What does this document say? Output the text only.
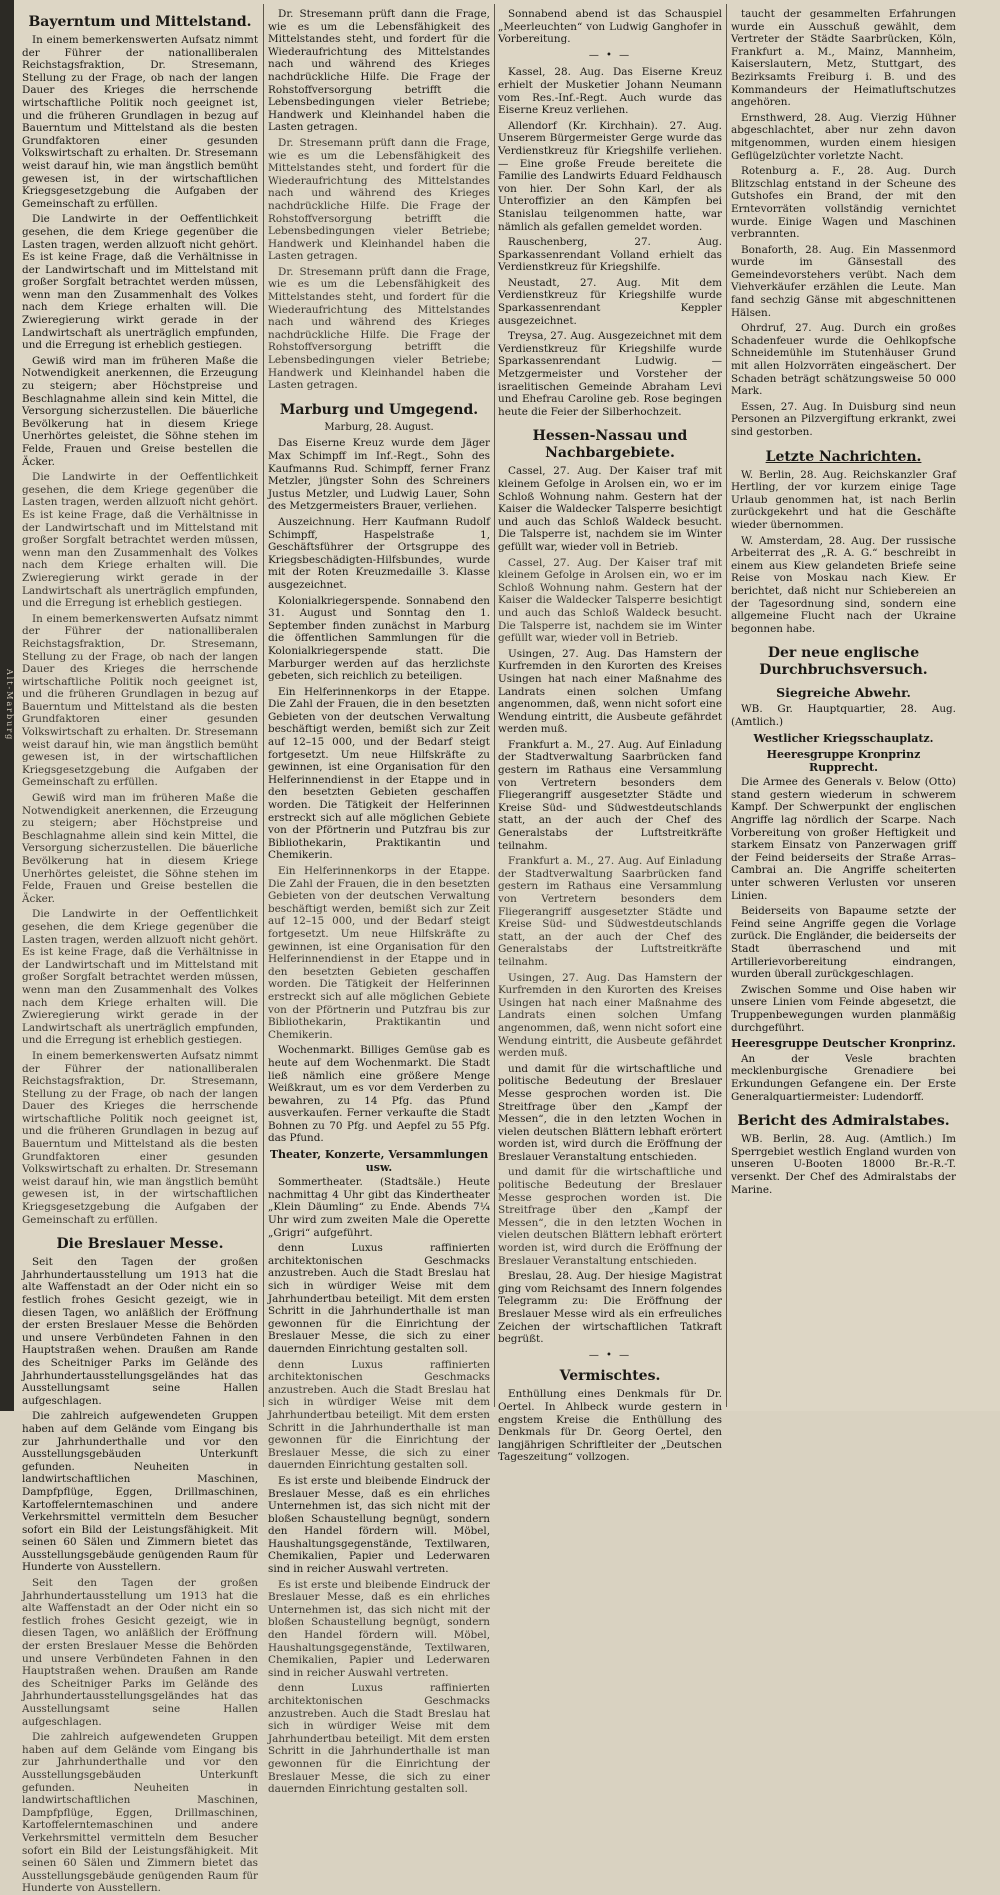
Alt-Marburg
Bayerntum und Mittelstand.

In einem bemerkenswerten Aufsatz nimmt der Führer der nationalliberalen Reichstagsfraktion, Dr. Stresemann, Stellung zu der Frage, ob nach der langen Dauer des Krieges die herrschende wirtschaftliche Politik noch geeignet ist, und die früheren Grundlagen in bezug auf Bauerntum und Mittelstand als die besten Grundfaktoren einer gesunden Volkswirtschaft zu erhalten. Dr. Stresemann weist darauf hin, wie man ängstlich bemüht gewesen ist, in der wirtschaftlichen Kriegsgesetzgebung die Aufgaben der Gemeinschaft zu erfüllen.

Die Landwirte in der Oeffentlichkeit gesehen, die dem Kriege gegenüber die Lasten tragen, werden allzuoft nicht gehört. Es ist keine Frage, daß die Verhältnisse in der Landwirtschaft und im Mittelstand mit großer Sorgfalt betrachtet werden müssen, wenn man den Zusammenhalt des Volkes nach dem Kriege erhalten will. Die Zwieregierung wirkt gerade in der Landwirtschaft als unerträglich empfunden, und die Erregung ist erheblich gestiegen.

Gewiß wird man im früheren Maße die Notwendigkeit anerkennen, die Erzeugung zu steigern; aber Höchstpreise und Beschlagnahme allein sind kein Mittel, die Versorgung sicherzustellen. Die bäuerliche Bevölkerung hat in diesem Kriege Unerhörtes geleistet, die Söhne stehen im Felde, Frauen und Greise bestellen die Äcker.

Die Landwirte in der Oeffentlichkeit gesehen, die dem Kriege gegenüber die Lasten tragen, werden allzuoft nicht gehört. Es ist keine Frage, daß die Verhältnisse in der Landwirtschaft und im Mittelstand mit großer Sorgfalt betrachtet werden müssen, wenn man den Zusammenhalt des Volkes nach dem Kriege erhalten will. Die Zwieregierung wirkt gerade in der Landwirtschaft als unerträglich empfunden, und die Erregung ist erheblich gestiegen.

In einem bemerkenswerten Aufsatz nimmt der Führer der nationalliberalen Reichstagsfraktion, Dr. Stresemann, Stellung zu der Frage, ob nach der langen Dauer des Krieges die herrschende wirtschaftliche Politik noch geeignet ist, und die früheren Grundlagen in bezug auf Bauerntum und Mittelstand als die besten Grundfaktoren einer gesunden Volkswirtschaft zu erhalten. Dr. Stresemann weist darauf hin, wie man ängstlich bemüht gewesen ist, in der wirtschaftlichen Kriegsgesetzgebung die Aufgaben der Gemeinschaft zu erfüllen.

Gewiß wird man im früheren Maße die Notwendigkeit anerkennen, die Erzeugung zu steigern; aber Höchstpreise und Beschlagnahme allein sind kein Mittel, die Versorgung sicherzustellen. Die bäuerliche Bevölkerung hat in diesem Kriege Unerhörtes geleistet, die Söhne stehen im Felde, Frauen und Greise bestellen die Äcker.

Die Landwirte in der Oeffentlichkeit gesehen, die dem Kriege gegenüber die Lasten tragen, werden allzuoft nicht gehört. Es ist keine Frage, daß die Verhältnisse in der Landwirtschaft und im Mittelstand mit großer Sorgfalt betrachtet werden müssen, wenn man den Zusammenhalt des Volkes nach dem Kriege erhalten will. Die Zwieregierung wirkt gerade in der Landwirtschaft als unerträglich empfunden, und die Erregung ist erheblich gestiegen.

In einem bemerkenswerten Aufsatz nimmt der Führer der nationalliberalen Reichstagsfraktion, Dr. Stresemann, Stellung zu der Frage, ob nach der langen Dauer des Krieges die herrschende wirtschaftliche Politik noch geeignet ist, und die früheren Grundlagen in bezug auf Bauerntum und Mittelstand als die besten Grundfaktoren einer gesunden Volkswirtschaft zu erhalten. Dr. Stresemann weist darauf hin, wie man ängstlich bemüht gewesen ist, in der wirtschaftlichen Kriegsgesetzgebung die Aufgaben der Gemeinschaft zu erfüllen.

Die Breslauer Messe.

Seit den Tagen der großen Jahrhundertausstellung um 1913 hat die alte Waffenstadt an der Oder nicht ein so festlich frohes Gesicht gezeigt, wie in diesen Tagen, wo anläßlich der Eröffnung der ersten Breslauer Messe die Behörden und unsere Verbündeten Fahnen in den Hauptstraßen wehen. Draußen am Rande des Scheitniger Parks im Gelände des Jahrhundertausstellungsgeländes hat das Ausstellungsamt seine Hallen aufgeschlagen.

Die zahlreich aufgewendeten Gruppen haben auf dem Gelände vom Eingang bis zur Jahrhunderthalle und vor den Ausstellungsgebäuden Unterkunft gefunden. Neuheiten in landwirtschaftlichen Maschinen, Dampfpflüge, Eggen, Drillmaschinen, Kartoffelerntemaschinen und andere Verkehrsmittel vermitteln dem Besucher sofort ein Bild der Leistungsfähigkeit. Mit seinen 60 Sälen und Zimmern bietet das Ausstellungsgebäude genügenden Raum für Hunderte von Ausstellern.

Seit den Tagen der großen Jahrhundertausstellung um 1913 hat die alte Waffenstadt an der Oder nicht ein so festlich frohes Gesicht gezeigt, wie in diesen Tagen, wo anläßlich der Eröffnung der ersten Breslauer Messe die Behörden und unsere Verbündeten Fahnen in den Hauptstraßen wehen. Draußen am Rande des Scheitniger Parks im Gelände des Jahrhundertausstellungsgeländes hat das Ausstellungsamt seine Hallen aufgeschlagen.

Die zahlreich aufgewendeten Gruppen haben auf dem Gelände vom Eingang bis zur Jahrhunderthalle und vor den Ausstellungsgebäuden Unterkunft gefunden. Neuheiten in landwirtschaftlichen Maschinen, Dampfpflüge, Eggen, Drillmaschinen, Kartoffelerntemaschinen und andere Verkehrsmittel vermitteln dem Besucher sofort ein Bild der Leistungsfähigkeit. Mit seinen 60 Sälen und Zimmern bietet das Ausstellungsgebäude genügenden Raum für Hunderte von Ausstellern.

Dr. Stresemann prüft dann die Frage, wie es um die Lebensfähigkeit des Mittelstandes steht, und fordert für die Wiederaufrichtung des Mittelstandes nach und während des Krieges nachdrückliche Hilfe. Die Frage der Rohstoffversorgung betrifft die Lebensbedingungen vieler Betriebe; Handwerk und Kleinhandel haben die Lasten getragen.

Dr. Stresemann prüft dann die Frage, wie es um die Lebensfähigkeit des Mittelstandes steht, und fordert für die Wiederaufrichtung des Mittelstandes nach und während des Krieges nachdrückliche Hilfe. Die Frage der Rohstoffversorgung betrifft die Lebensbedingungen vieler Betriebe; Handwerk und Kleinhandel haben die Lasten getragen.

Dr. Stresemann prüft dann die Frage, wie es um die Lebensfähigkeit des Mittelstandes steht, und fordert für die Wiederaufrichtung des Mittelstandes nach und während des Krieges nachdrückliche Hilfe. Die Frage der Rohstoffversorgung betrifft die Lebensbedingungen vieler Betriebe; Handwerk und Kleinhandel haben die Lasten getragen.

Marburg und Umgegend.
Marburg, 28. August.

Das Eiserne Kreuz wurde dem Jäger Max Schimpff im Inf.-Regt., Sohn des Kaufmanns Rud. Schimpff, ferner Franz Metzler, jüngster Sohn des Schreiners Justus Metzler, und Ludwig Lauer, Sohn des Metzgermeisters Brauer, verliehen.

Auszeichnung. Herr Kaufmann Rudolf Schimpff, Haspelstraße 1, Geschäftsführer der Ortsgruppe des Kriegsbeschädigten-Hilfsbundes, wurde mit der Roten Kreuzmedaille 3. Klasse ausgezeichnet.

Kolonialkriegerspende. Sonnabend den 31. August und Sonntag den 1. September finden zunächst in Marburg die öffentlichen Sammlungen für die Kolonialkriegerspende statt. Die Marburger werden auf das herzlichste gebeten, sich reichlich zu beteiligen.

Ein Helferinnenkorps in der Etappe. Die Zahl der Frauen, die in den besetzten Gebieten von der deutschen Verwaltung beschäftigt werden, bemißt sich zur Zeit auf 12–15 000, und der Bedarf steigt fortgesetzt. Um neue Hilfskräfte zu gewinnen, ist eine Organisation für den Helferinnendienst in der Etappe und in den besetzten Gebieten geschaffen worden. Die Tätigkeit der Helferinnen erstreckt sich auf alle möglichen Gebiete von der Pförtnerin und Putzfrau bis zur Bibliothekarin, Praktikantin und Chemikerin.

Ein Helferinnenkorps in der Etappe. Die Zahl der Frauen, die in den besetzten Gebieten von der deutschen Verwaltung beschäftigt werden, bemißt sich zur Zeit auf 12–15 000, und der Bedarf steigt fortgesetzt. Um neue Hilfskräfte zu gewinnen, ist eine Organisation für den Helferinnendienst in der Etappe und in den besetzten Gebieten geschaffen worden. Die Tätigkeit der Helferinnen erstreckt sich auf alle möglichen Gebiete von der Pförtnerin und Putzfrau bis zur Bibliothekarin, Praktikantin und Chemikerin.

Wochenmarkt. Billiges Gemüse gab es heute auf dem Wochenmarkt. Die Stadt ließ nämlich eine größere Menge Weißkraut, um es vor dem Verderben zu bewahren, zu 14 Pfg. das Pfund ausverkaufen. Ferner verkaufte die Stadt Bohnen zu 70 Pfg. und Aepfel zu 55 Pfg. das Pfund.

Theater, Konzerte, Versammlungen usw.

Sommertheater. (Stadtsäle.) Heute nachmittag 4 Uhr gibt das Kindertheater „Klein Däumling“ zu Ende. Abends 7¼ Uhr wird zum zweiten Male die Operette „Grigri“ aufgeführt.

denn Luxus raffinierten architektonischen Geschmacks anzustreben. Auch die Stadt Breslau hat sich in würdiger Weise mit dem Jahrhundertbau beteiligt. Mit dem ersten Schritt in die Jahrhunderthalle ist man gewonnen für die Einrichtung der Breslauer Messe, die sich zu einer dauernden Einrichtung gestalten soll.

denn Luxus raffinierten architektonischen Geschmacks anzustreben. Auch die Stadt Breslau hat sich in würdiger Weise mit dem Jahrhundertbau beteiligt. Mit dem ersten Schritt in die Jahrhunderthalle ist man gewonnen für die Einrichtung der Breslauer Messe, die sich zu einer dauernden Einrichtung gestalten soll.

Es ist erste und bleibende Eindruck der Breslauer Messe, daß es ein ehrliches Unternehmen ist, das sich nicht mit der bloßen Schaustellung begnügt, sondern den Handel fördern will. Möbel, Haushaltungsgegenstände, Textilwaren, Chemikalien, Papier und Lederwaren sind in reicher Auswahl vertreten.

Es ist erste und bleibende Eindruck der Breslauer Messe, daß es ein ehrliches Unternehmen ist, das sich nicht mit der bloßen Schaustellung begnügt, sondern den Handel fördern will. Möbel, Haushaltungsgegenstände, Textilwaren, Chemikalien, Papier und Lederwaren sind in reicher Auswahl vertreten.

denn Luxus raffinierten architektonischen Geschmacks anzustreben. Auch die Stadt Breslau hat sich in würdiger Weise mit dem Jahrhundertbau beteiligt. Mit dem ersten Schritt in die Jahrhunderthalle ist man gewonnen für die Einrichtung der Breslauer Messe, die sich zu einer dauernden Einrichtung gestalten soll.

Sonnabend abend ist das Schauspiel „Meerleuchten“ von Ludwig Ganghofer in Vorbereitung.

— • —

Kassel, 28. Aug. Das Eiserne Kreuz erhielt der Musketier Johann Neumann vom Res.-Inf.-Regt. Auch wurde das Eiserne Kreuz verliehen.

Allendorf (Kr. Kirchhain). 27. Aug. Unserem Bürgermeister Gerge wurde das Verdienstkreuz für Kriegshilfe verliehen. — Eine große Freude bereitete die Familie des Landwirts Eduard Feldhausch von hier. Der Sohn Karl, der als Unteroffizier an den Kämpfen bei Stanislau teilgenommen hatte, war nämlich als gefallen gemeldet worden.

Rauschenberg, 27. Aug. Sparkassenrendant Volland erhielt das Verdienstkreuz für Kriegshilfe.

Neustadt, 27. Aug. Mit dem Verdienstkreuz für Kriegshilfe wurde Sparkassenrendant Keppler ausgezeichnet.

Treysa, 27. Aug. Ausgezeichnet mit dem Verdienstkreuz für Kriegshilfe wurde Sparkassenrendant Ludwig. — Metzgermeister und Vorsteher der israelitischen Gemeinde Abraham Levi und Ehefrau Caroline geb. Rose begingen heute die Feier der Silberhochzeit.

Hessen-Nassau und Nachbargebiete.

Cassel, 27. Aug. Der Kaiser traf mit kleinem Gefolge in Arolsen ein, wo er im Schloß Wohnung nahm. Gestern hat der Kaiser die Waldecker Talsperre besichtigt und auch das Schloß Waldeck besucht. Die Talsperre ist, nachdem sie im Winter gefüllt war, wieder voll in Betrieb.

Cassel, 27. Aug. Der Kaiser traf mit kleinem Gefolge in Arolsen ein, wo er im Schloß Wohnung nahm. Gestern hat der Kaiser die Waldecker Talsperre besichtigt und auch das Schloß Waldeck besucht. Die Talsperre ist, nachdem sie im Winter gefüllt war, wieder voll in Betrieb.

Usingen, 27. Aug. Das Hamstern der Kurfremden in den Kurorten des Kreises Usingen hat nach einer Maßnahme des Landrats einen solchen Umfang angenommen, daß, wenn nicht sofort eine Wendung eintritt, die Ausbeute gefährdet werden muß.

Frankfurt a. M., 27. Aug. Auf Einladung der Stadtverwaltung Saarbrücken fand gestern im Rathaus eine Versammlung von Vertretern besonders dem Fliegerangriff ausgesetzter Städte und Kreise Süd- und Südwestdeutschlands statt, an der auch der Chef des Generalstabs der Luftstreitkräfte teilnahm.

Frankfurt a. M., 27. Aug. Auf Einladung der Stadtverwaltung Saarbrücken fand gestern im Rathaus eine Versammlung von Vertretern besonders dem Fliegerangriff ausgesetzter Städte und Kreise Süd- und Südwestdeutschlands statt, an der auch der Chef des Generalstabs der Luftstreitkräfte teilnahm.

Usingen, 27. Aug. Das Hamstern der Kurfremden in den Kurorten des Kreises Usingen hat nach einer Maßnahme des Landrats einen solchen Umfang angenommen, daß, wenn nicht sofort eine Wendung eintritt, die Ausbeute gefährdet werden muß.

und damit für die wirtschaftliche und politische Bedeutung der Breslauer Messe gesprochen worden ist. Die Streitfrage über den „Kampf der Messen“, die in den letzten Wochen in vielen deutschen Blättern lebhaft erörtert worden ist, wird durch die Eröffnung der Breslauer Veranstaltung entschieden.

und damit für die wirtschaftliche und politische Bedeutung der Breslauer Messe gesprochen worden ist. Die Streitfrage über den „Kampf der Messen“, die in den letzten Wochen in vielen deutschen Blättern lebhaft erörtert worden ist, wird durch die Eröffnung der Breslauer Veranstaltung entschieden.

Breslau, 28. Aug. Der hiesige Magistrat ging vom Reichsamt des Innern folgendes Telegramm zu: Die Eröffnung der Breslauer Messe wird als ein erfreuliches Zeichen der wirtschaftlichen Tatkraft begrüßt.

— • —
Vermischtes.

Enthüllung eines Denkmals für Dr. Oertel. In Ahlbeck wurde gestern in engstem Kreise die Enthüllung des Denkmals für Dr. Georg Oertel, den langjährigen Schriftleiter der „Deutschen Tageszeitung“ vollzogen.

taucht der gesammelten Erfahrungen wurde ein Ausschuß gewählt, dem Vertreter der Städte Saarbrücken, Köln, Frankfurt a. M., Mainz, Mannheim, Kaiserslautern, Metz, Stuttgart, des Bezirksamts Freiburg i. B. und des Kommandeurs der Heimatluftschutzes angehören.

Ernsthwerd, 28. Aug. Vierzig Hühner abgeschlachtet, aber nur zehn davon mitgenommen, wurden einem hiesigen Geflügelzüchter vorletzte Nacht.

Rotenburg a. F., 28. Aug. Durch Blitzschlag entstand in der Scheune des Gutshofes ein Brand, der mit den Erntevorräten vollständig vernichtet wurde. Einige Wagen und Maschinen verbrannten.

Bonaforth, 28. Aug. Ein Massenmord wurde im Gänsestall des Gemeindevorstehers verübt. Nach dem Viehverkäufer erzählen die Leute. Man fand sechzig Gänse mit abgeschnittenen Hälsen.

Ohrdruf, 27. Aug. Durch ein großes Schadenfeuer wurde die Oehlkopfsche Schneidemühle im Stutenhäuser Grund mit allen Holzvorräten eingeäschert. Der Schaden beträgt schätzungsweise 50 000 Mark.

Essen, 27. Aug. In Duisburg sind neun Personen an Pilzvergiftung erkrankt, zwei sind gestorben.

Letzte Nachrichten.

W. Berlin, 28. Aug. Reichskanzler Graf Hertling, der vor kurzem einige Tage Urlaub genommen hat, ist nach Berlin zurückgekehrt und hat die Geschäfte wieder übernommen.

W. Amsterdam, 28. Aug. Der russische Arbeiterrat des „R. A. G.“ beschreibt in einem aus Kiew gelandeten Briefe seine Reise von Moskau nach Kiew. Er berichtet, daß nicht nur Schiebereien an der Tagesordnung sind, sondern eine allgemeine Flucht nach der Ukraine begonnen habe.

Der neue englische Durchbruchsversuch.
Siegreiche Abwehr.

WB. Gr. Hauptquartier, 28. Aug. (Amtlich.)

Westlicher Kriegsschauplatz.
Heeresgruppe Kronprinz Rupprecht.

Die Armee des Generals v. Below (Otto) stand gestern wiederum in schwerem Kampf. Der Schwerpunkt der englischen Angriffe lag nördlich der Scarpe. Nach Vorbereitung von großer Heftigkeit und starkem Einsatz von Panzerwagen griff der Feind beiderseits der Straße Arras–Cambrai an. Die Angriffe scheiterten unter schweren Verlusten vor unseren Linien.

Beiderseits von Bapaume setzte der Feind seine Angriffe gegen die Vorlage zurück. Die Engländer, die beiderseits der Stadt überraschend und mit Artillerievorbereitung eindrangen, wurden überall zurückgeschlagen.

Zwischen Somme und Oise haben wir unsere Linien vom Feinde abgesetzt, die Truppenbewegungen wurden planmäßig durchgeführt.

Heeresgruppe Deutscher Kronprinz.

An der Vesle brachten mecklenburgische Grenadiere bei Erkundungen Gefangene ein. Der Erste Generalquartiermeister: Ludendorff.

Bericht des Admiralstabes.

WB. Berlin, 28. Aug. (Amtlich.) Im Sperrgebiet westlich England wurden von unseren U-Booten 18000 Br.-R.-T. versenkt. Der Chef des Admiralstabs der Marine.
